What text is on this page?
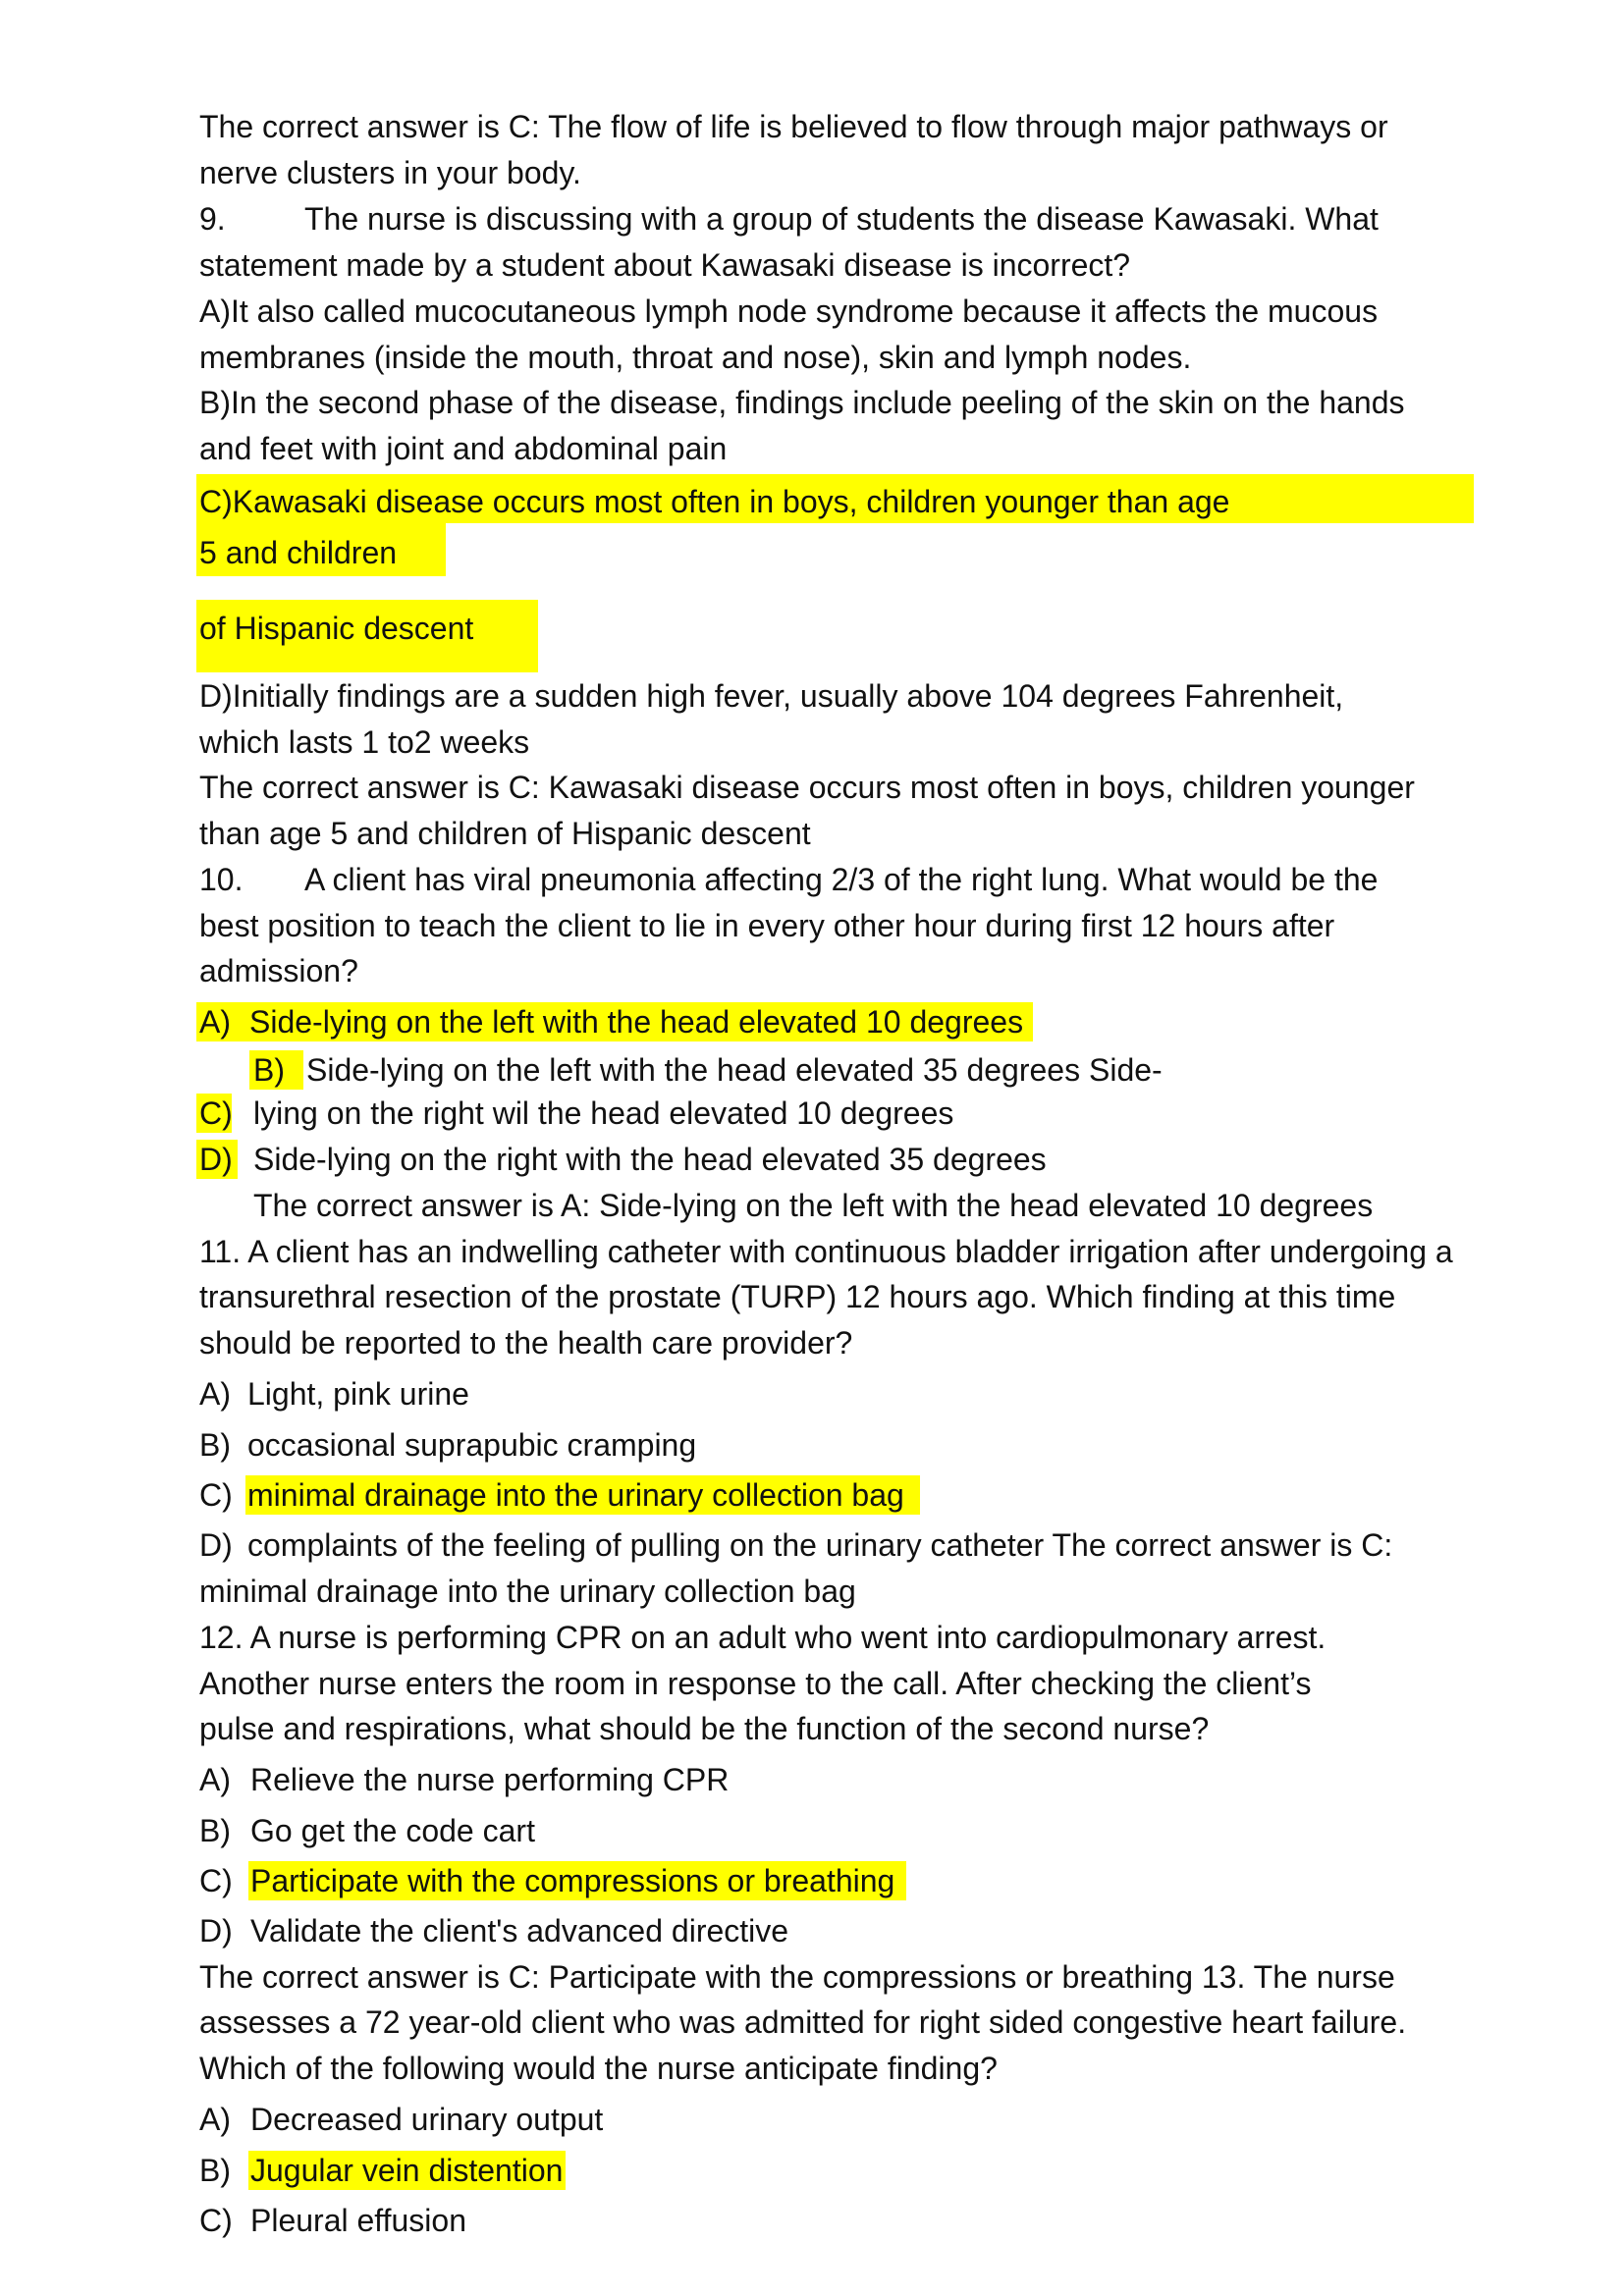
The correct answer is C: The flow of life is believed to flow through major pathways or
nerve clusters in your body.
9.	The nurse is discussing with a group of students the disease Kawasaki. What
statement made by a student about Kawasaki disease is incorrect?
A)It also called mucocutaneous lymph node syndrome because it affects the mucous
membranes (inside the mouth, throat and nose), skin and lymph nodes.
B)In the second phase of the disease, findings include peeling of the skin on the hands
and feet with joint and abdominal pain
C)Kawasaki disease occurs most often in boys, children younger than age
5 and children
of Hispanic descent
D)Initially findings are a sudden high fever, usually above 104 degrees Fahrenheit,
which lasts 1 to2 weeks
The correct answer is C: Kawasaki disease occurs most often in boys, children younger
than age 5 and children of Hispanic descent
10. A client has viral pneumonia affecting 2/3 of the right lung. What would be the
best position to teach the client to lie in every other hour during first 12 hours after
admission?
A) Side-lying on the left with the head elevated 10 degrees
B) Side-lying on the left with the head elevated 35 degrees Side-
C) lying on the right wil the head elevated 10 degrees
D) Side-lying on the right with the head elevated 35 degrees
The correct answer is A: Side-lying on the left with the head elevated 10 degrees
11. A client has an indwelling catheter with continuous bladder irrigation after undergoing a
transurethral resection of the prostate (TURP) 12 hours ago. Which finding at this time
should be reported to the health care provider?
A) Light, pink urine
B) occasional suprapubic cramping
C) minimal drainage into the urinary collection bag
D) complaints of the feeling of pulling on the urinary catheter The correct answer is C:
minimal drainage into the urinary collection bag
12. A nurse is performing CPR on an adult who went into cardiopulmonary arrest.
Another nurse enters the room in response to the call. After checking the client’s
pulse and respirations, what should be the function of the second nurse?
A) Relieve the nurse performing CPR
B) Go get the code cart
C) Participate with the compressions or breathing
D) Validate the client's advanced directive
The correct answer is C: Participate with the compressions or breathing 13. The nurse
assesses a 72 year-old client who was admitted for right sided congestive heart failure.
Which of the following would the nurse anticipate finding?
A) Decreased urinary output
B) Jugular vein distention
C) Pleural effusion
